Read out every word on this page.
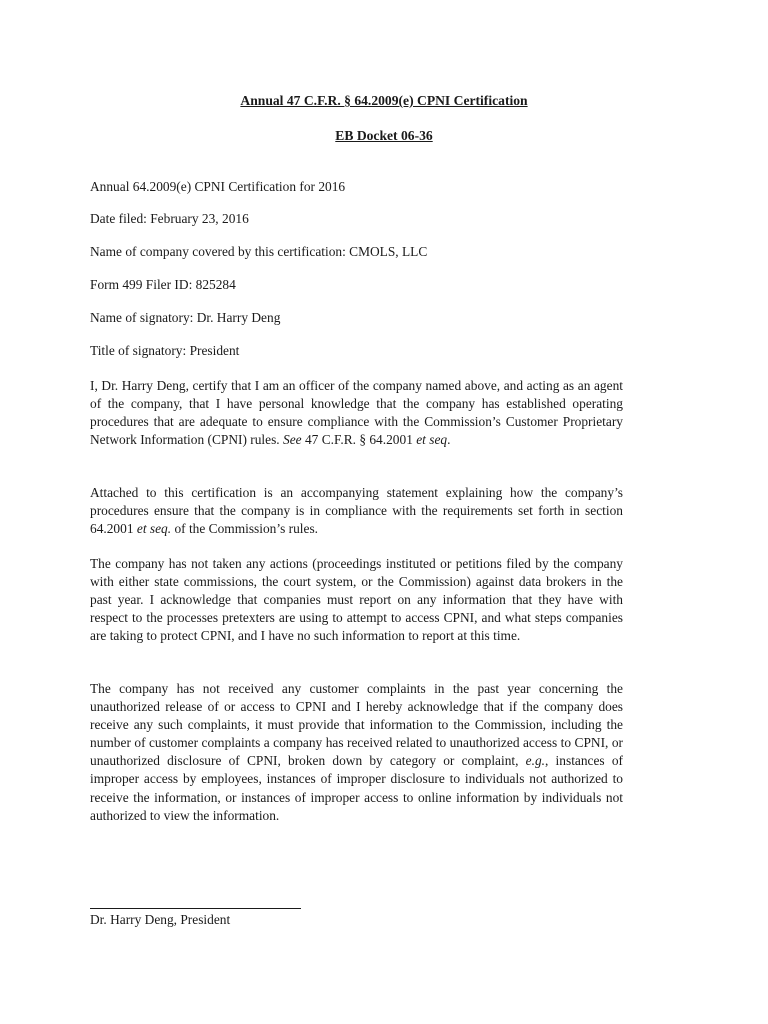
Annual 47 C.F.R. § 64.2009(e) CPNI Certification
EB Docket 06-36
Annual 64.2009(e) CPNI Certification for 2016
Date filed: February 23, 2016
Name of company covered by this certification: CMOLS, LLC
Form 499 Filer ID: 825284
Name of signatory: Dr. Harry Deng
Title of signatory: President
I, Dr. Harry Deng, certify that I am an officer of the company named above, and acting as an agent of the company, that I have personal knowledge that the company has established operating procedures that are adequate to ensure compliance with the Commission’s Customer Proprietary Network Information (CPNI) rules. See 47 C.F.R. § 64.2001 et seq.
Attached to this certification is an accompanying statement explaining how the company’s procedures ensure that the company is in compliance with the requirements set forth in section 64.2001 et seq. of the Commission’s rules.
The company has not taken any actions (proceedings instituted or petitions filed by the company with either state commissions, the court system, or the Commission) against data brokers in the past year. I acknowledge that companies must report on any information that they have with respect to the processes pretexters are using to attempt to access CPNI, and what steps companies are taking to protect CPNI, and I have no such information to report at this time.
The company has not received any customer complaints in the past year concerning the unauthorized release of or access to CPNI and I hereby acknowledge that if the company does receive any such complaints, it must provide that information to the Commission, including the number of customer complaints a company has received related to unauthorized access to CPNI, or unauthorized disclosure of CPNI, broken down by category or complaint, e.g., instances of improper access by employees, instances of improper disclosure to individuals not authorized to receive the information, or instances of improper access to online information by individuals not authorized to view the information.
Dr. Harry Deng, President
